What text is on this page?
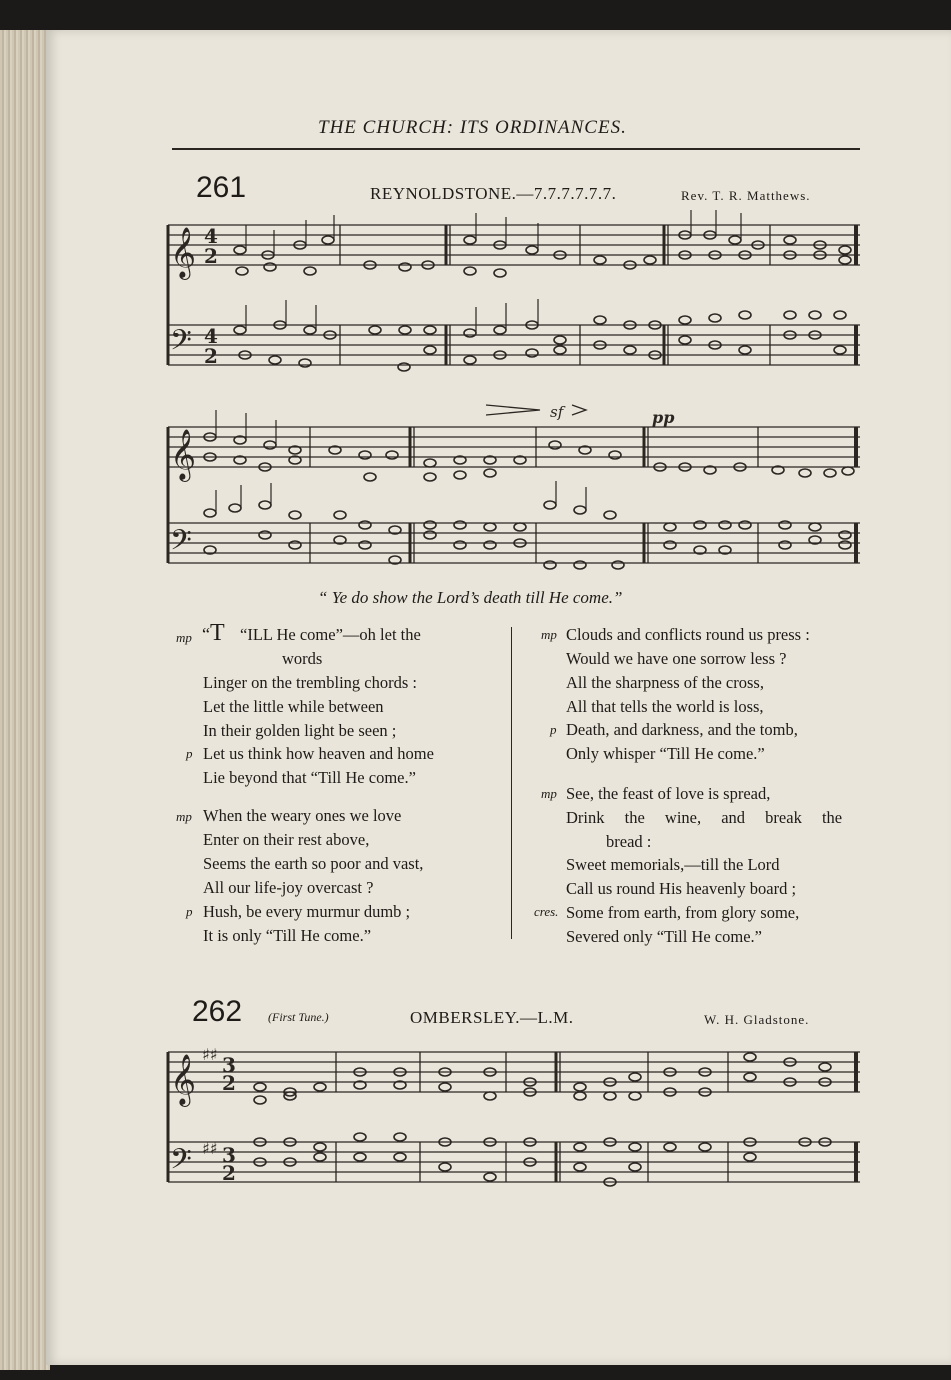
THE CHURCH: ITS ORDINANCES.
261	REYNOLDSTONE.—7.7.7.7.7.7.	Rev. T. R. Matthews.
𝄞
𝄢
4
2
4
2
𝄞
𝄢
sf	pp
“ Ye do show the Lord’s death till He come.”
mp “T “ILL He come”—oh let the
words
Linger on the trembling chords :
Let the little while between
In their golden light be seen ;
p Let us think how heaven and home
Lie beyond that “Till He come.”
mp When the weary ones we love
Enter on their rest above,
Seems the earth so poor and vast,
All our life-joy overcast ?
p Hush, be every murmur dumb ;
It is only “Till He come.”
mp Clouds and conflicts round us press :
Would we have one sorrow less ?
All the sharpness of the cross,
All that tells the world is loss,
p Death, and darkness, and the tomb,
Only whisper “Till He come.”
mp See, the feast of love is spread,
Drink the wine, and break the
bread :
Sweet memorials,—till the Lord
Call us round His heavenly board ;
cres. Some from earth, from glory some,
Severed only “Till He come.”
262 (First Tune.)	OMBERSLEY.—L.M.	W. H. Gladstone.
𝄞
𝄢
♯♯
♯♯
3
2
3
2
